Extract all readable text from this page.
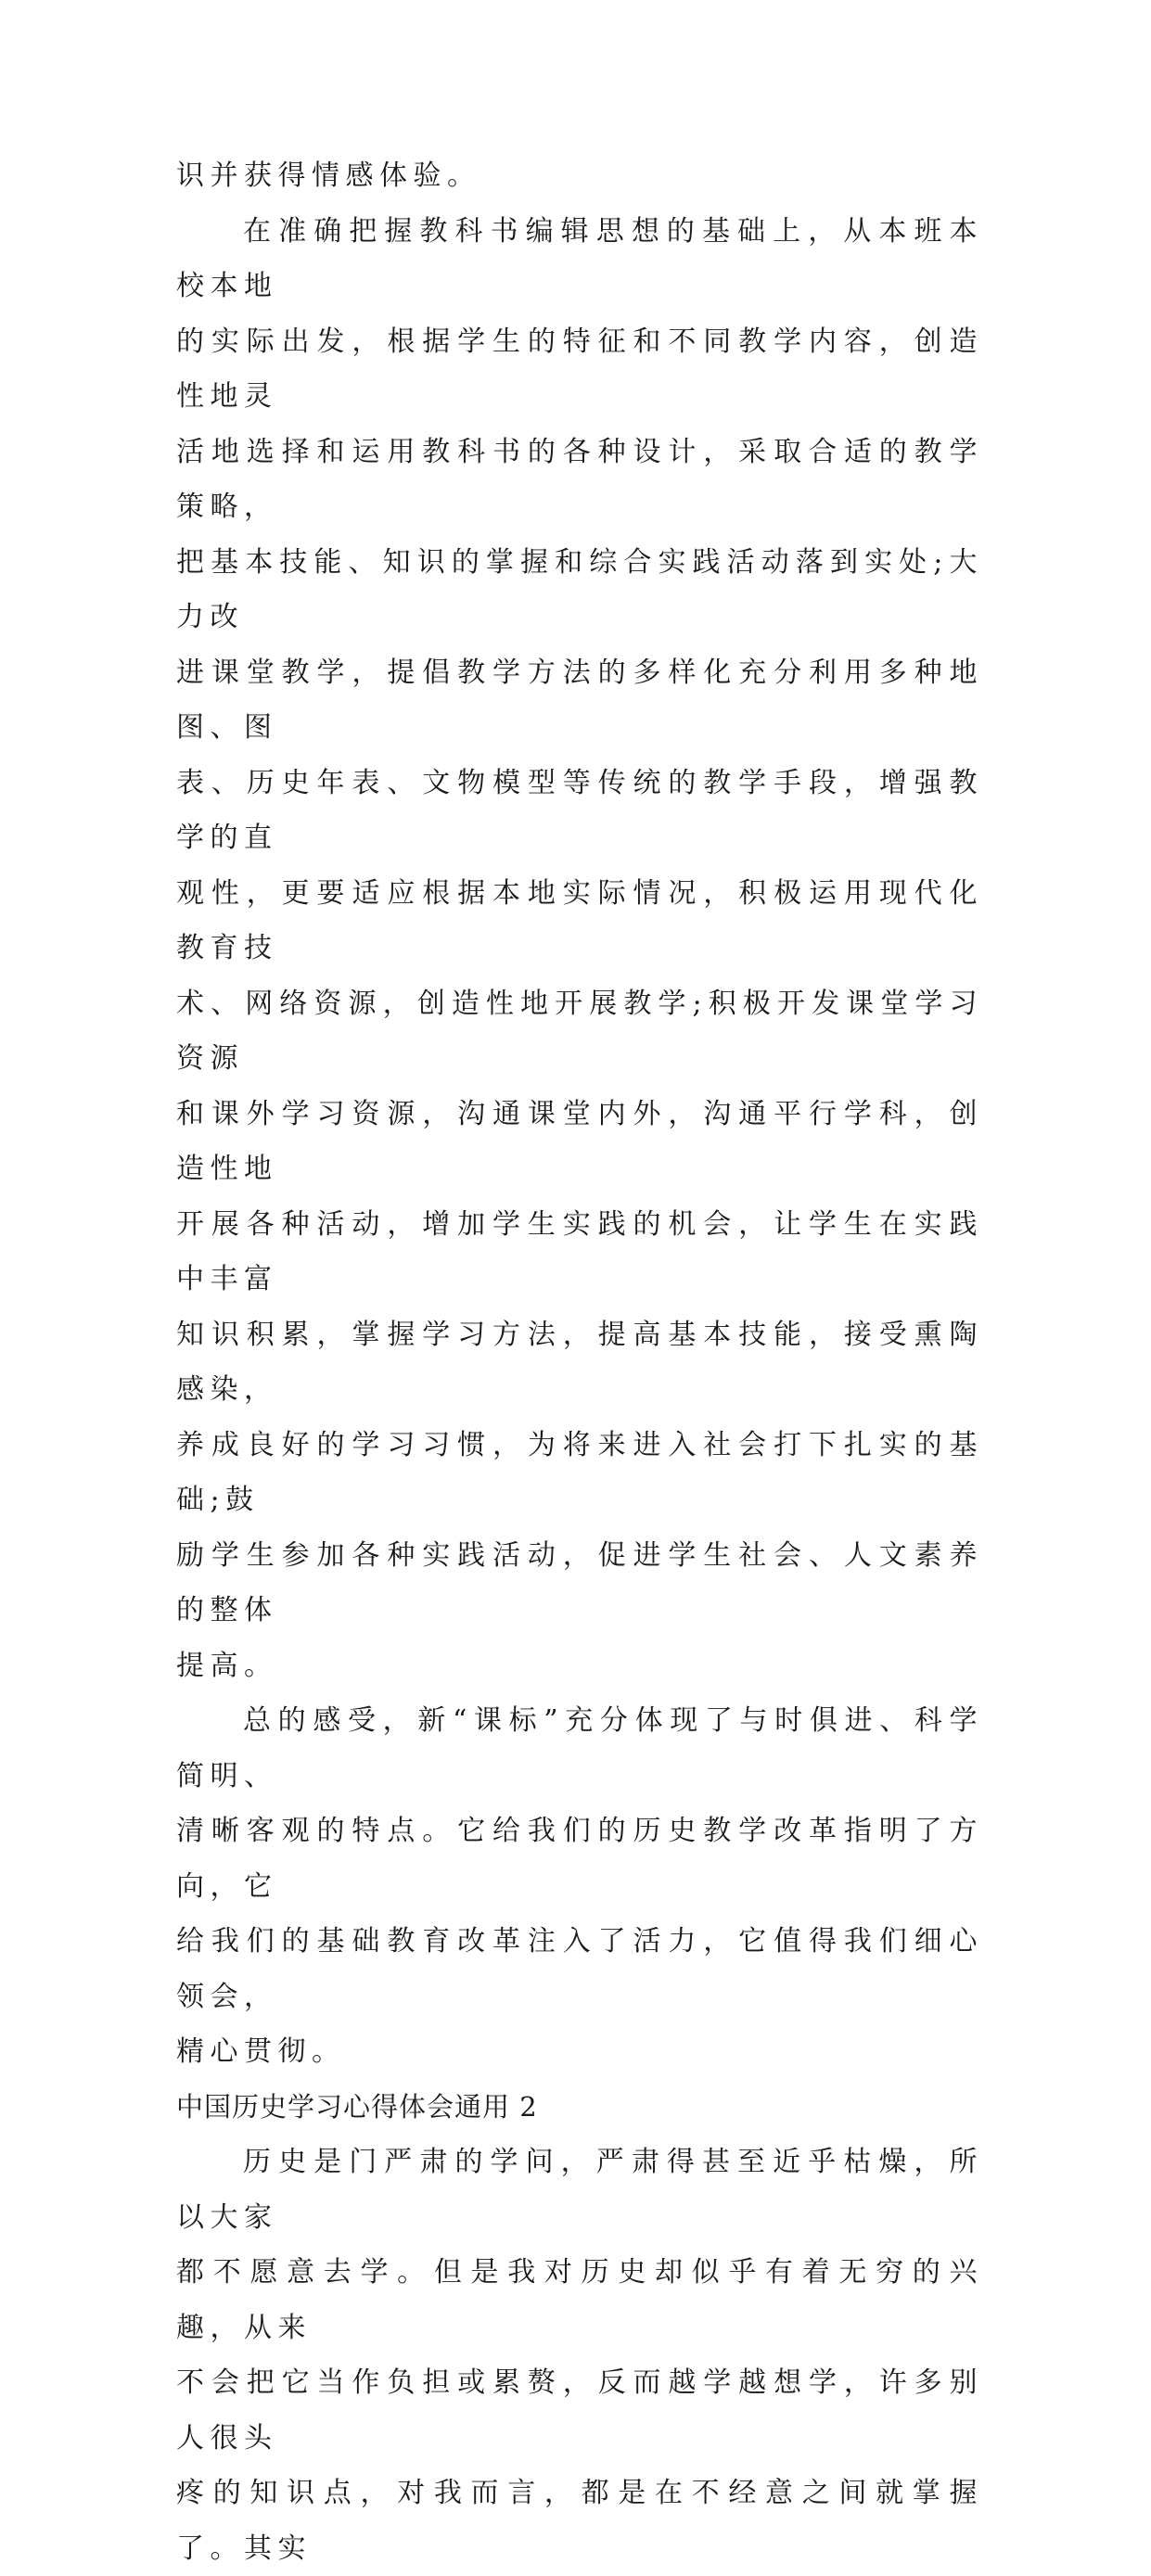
识并获得情感体验。

在准确把握教科书编辑思想的基础上，从本班本校本地
的实际出发，根据学生的特征和不同教学内容，创造性地灵
活地选择和运用教科书的各种设计，采取合适的教学策略，
把基本技能、知识的掌握和综合实践活动落到实处;大力改
进课堂教学，提倡教学方法的多样化充分利用多种地图、图
表、历史年表、文物模型等传统的教学手段，增强教学的直
观性，更要适应根据本地实际情况，积极运用现代化教育技
术、网络资源，创造性地开展教学;积极开发课堂学习资源
和课外学习资源，沟通课堂内外，沟通平行学科，创造性地
开展各种活动，增加学生实践的机会，让学生在实践中丰富
知识积累，掌握学习方法，提高基本技能，接受熏陶感染，
养成良好的学习习惯，为将来进入社会打下扎实的基础;鼓
励学生参加各种实践活动，促进学生社会、人文素养的整体
提高。

总的感受，新“课标”充分体现了与时俱进、科学简明、
清晰客观的特点。它给我们的历史教学改革指明了方向，它
给我们的基础教育改革注入了活力，它值得我们细心领会，
精心贯彻。

中国历史学习心得体会通用 2

历史是门严肃的学问，严肃得甚至近乎枯燥，所以大家
都不愿意去学。但是我对历史却似乎有着无穷的兴趣，从来
不会把它当作负担或累赘，反而越学越想学，许多别人很头
疼的知识点，对我而言，都是在不经意之间就掌握了。其实
